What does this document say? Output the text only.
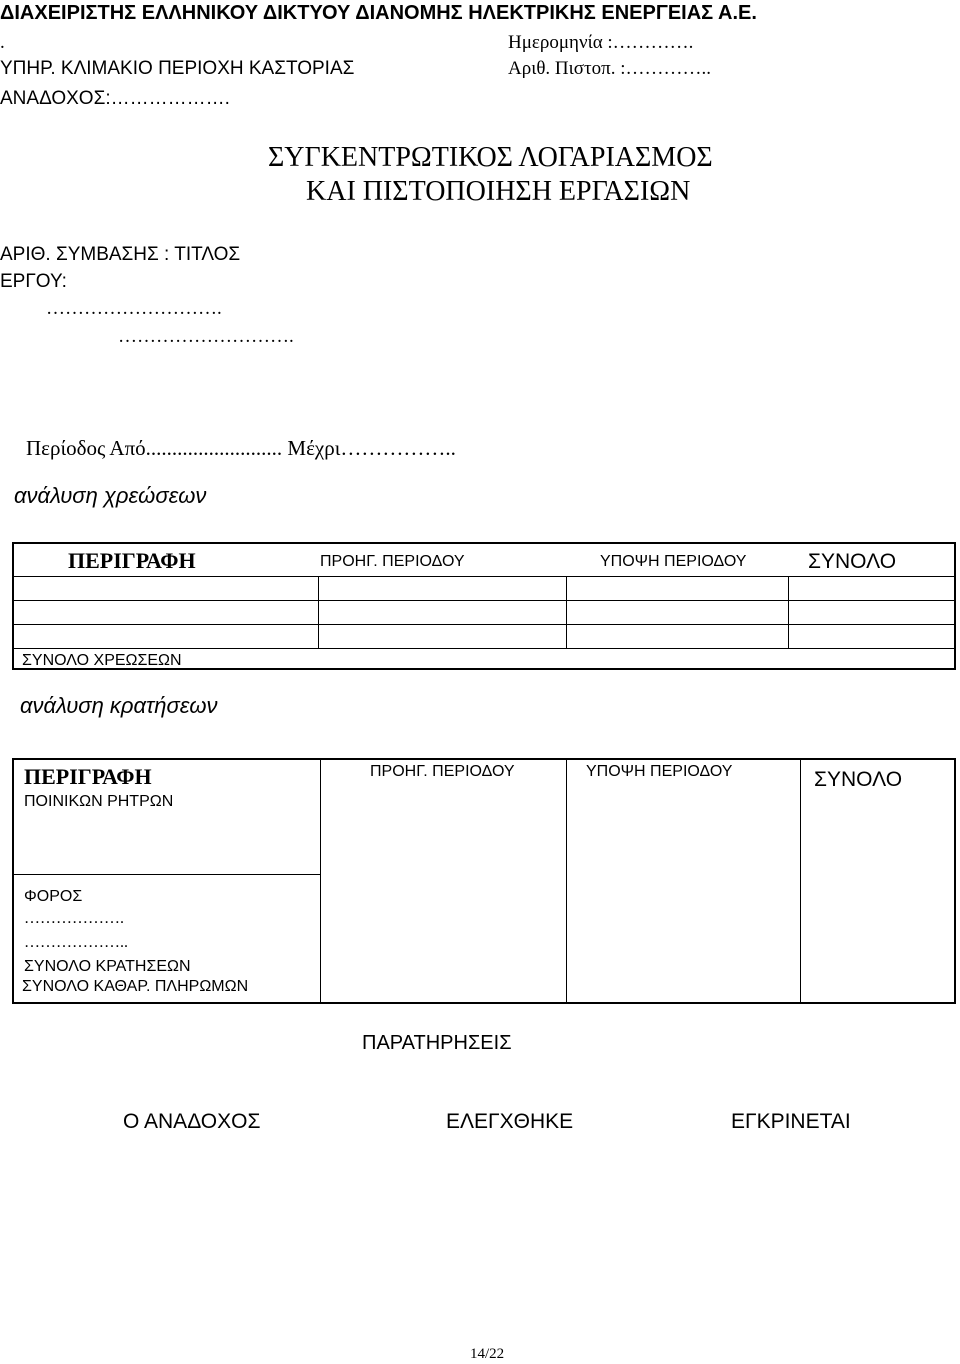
ΔΙΑΧΕΙΡΙΣΤΗΣ ΕΛΛΗΝΙΚΟΥ ΔΙΚΤΥΟΥ ΔΙΑΝΟΜΗΣ ΗΛΕΚΤΡΙΚΗΣ ΕΝΕΡΓΕΙΑΣ Α.Ε.
.
ΥΠΗΡ. ΚΛΙΜΑΚΙΟ ΠΕΡΙΟΧΗ ΚΑΣΤΟΡΙΑΣ
ΑΝΑΔΟΧΟΣ:……………….
Ημερομηνία :………….
Αριθ. Πιστοπ. :…………..
ΣΥΓΚΕΝΤΡΩΤΙΚΟΣ ΛΟΓΑΡΙΑΣΜΟΣ
ΚΑΙ ΠΙΣΤΟΠΟΙΗΣΗ ΕΡΓΑΣΙΩΝ
ΑΡΙΘ. ΣΥΜΒΑΣΗΣ : ΤΙΤΛΟΣ
ΕΡΓΟΥ:
……………………….
……………………….
Περίοδος Από.......................... Μέχρι……………..
ανάλυση χρεώσεων
ΠΕΡΙΓΡΑΦΗ	ΠΡΟΗΓ. ΠΕΡΙΟΔΟΥ	ΥΠΟΨΗ ΠΕΡΙΟΔΟΥ	ΣΥΝΟΛΟ
ΣΥΝΟΛΟ ΧΡΕΩΣΕΩΝ
ανάλυση κρατήσεων
ΠΕΡΙΓΡΑΦΗ
ΠΟΙΝΙΚΩΝ ΡΗΤΡΩΝ
ΠΡΟΗΓ. ΠΕΡΙΟΔΟΥ	ΥΠΟΨΗ ΠΕΡΙΟΔΟΥ	ΣΥΝΟΛΟ
ΦΟΡΟΣ
……………….
………………..
ΣΥΝΟΛΟ ΚΡΑΤΗΣΕΩΝ
ΣΥΝΟΛΟ ΚΑΘΑΡ. ΠΛΗΡΩΜΩΝ
ΠΑΡΑΤΗΡΗΣΕΙΣ
Ο ΑΝΑΔΟΧΟΣ	ΕΛΕΓΧΘΗΚΕ	ΕΓΚΡΙΝΕΤΑΙ
14/22
